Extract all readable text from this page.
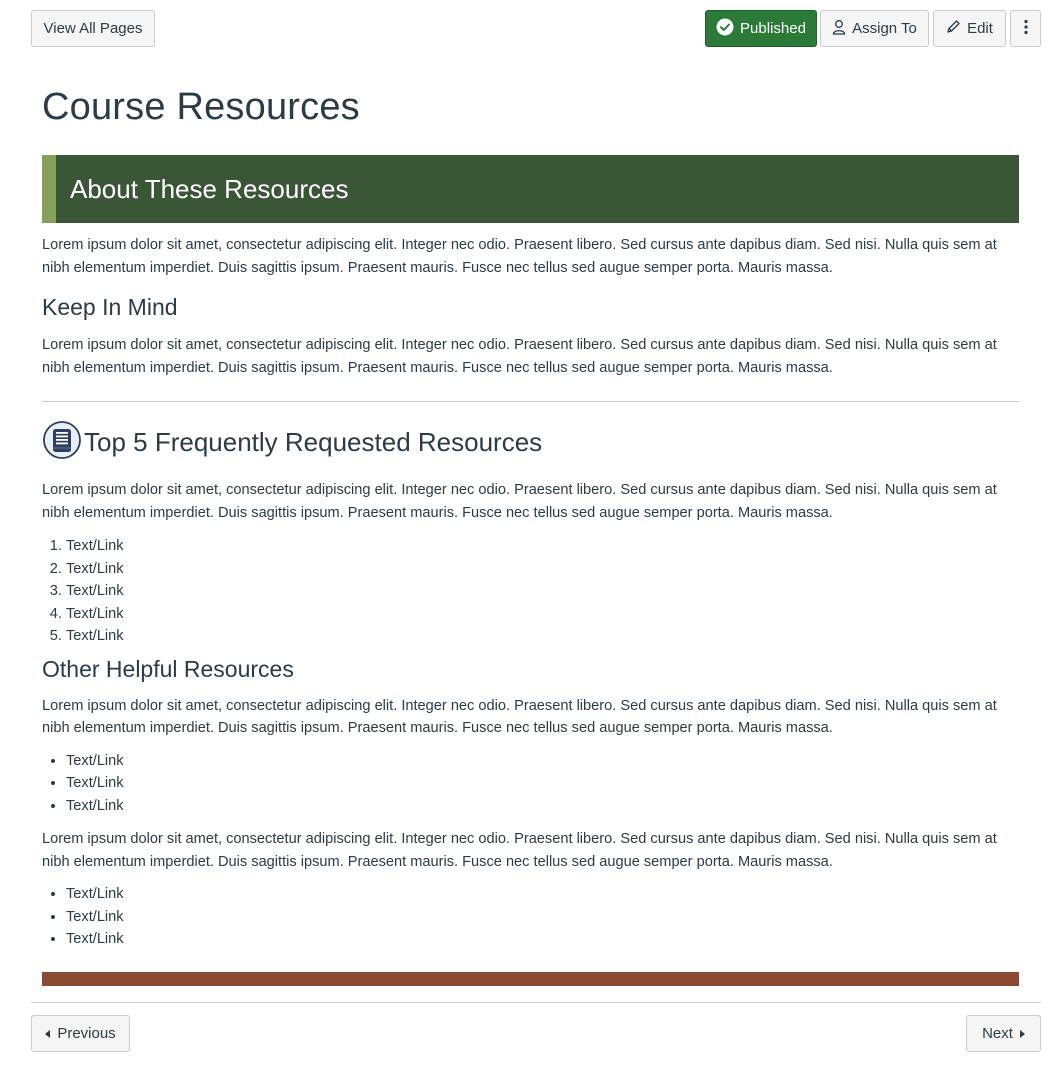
View All Pages	Published	Assign To	Edit
Course Resources
About These Resources

Lorem ipsum dolor sit amet, consectetur adipiscing elit. Integer nec odio. Praesent libero. Sed cursus ante dapibus diam. Sed nisi. Nulla quis sem at nibh elementum imperdiet. Duis sagittis ipsum. Praesent mauris. Fusce nec tellus sed augue semper porta. Mauris massa.

Keep In Mind

Lorem ipsum dolor sit amet, consectetur adipiscing elit. Integer nec odio. Praesent libero. Sed cursus ante dapibus diam. Sed nisi. Nulla quis sem at nibh elementum imperdiet. Duis sagittis ipsum. Praesent mauris. Fusce nec tellus sed augue semper porta. Mauris massa.

Top 5 Frequently Requested Resources

Lorem ipsum dolor sit amet, consectetur adipiscing elit. Integer nec odio. Praesent libero. Sed cursus ante dapibus diam. Sed nisi. Nulla quis sem at nibh elementum imperdiet. Duis sagittis ipsum. Praesent mauris. Fusce nec tellus sed augue semper porta. Mauris massa.

1. Text/Link
2. Text/Link
3. Text/Link
4. Text/Link
5. Text/Link
Other Helpful Resources

Lorem ipsum dolor sit amet, consectetur adipiscing elit. Integer nec odio. Praesent libero. Sed cursus ante dapibus diam. Sed nisi. Nulla quis sem at nibh elementum imperdiet. Duis sagittis ipsum. Praesent mauris. Fusce nec tellus sed augue semper porta. Mauris massa.

• Text/Link
• Text/Link
• Text/Link

Lorem ipsum dolor sit amet, consectetur adipiscing elit. Integer nec odio. Praesent libero. Sed cursus ante dapibus diam. Sed nisi. Nulla quis sem at nibh elementum imperdiet. Duis sagittis ipsum. Praesent mauris. Fusce nec tellus sed augue semper porta. Mauris massa.

• Text/Link
• Text/Link
• Text/Link
Previous	Next
